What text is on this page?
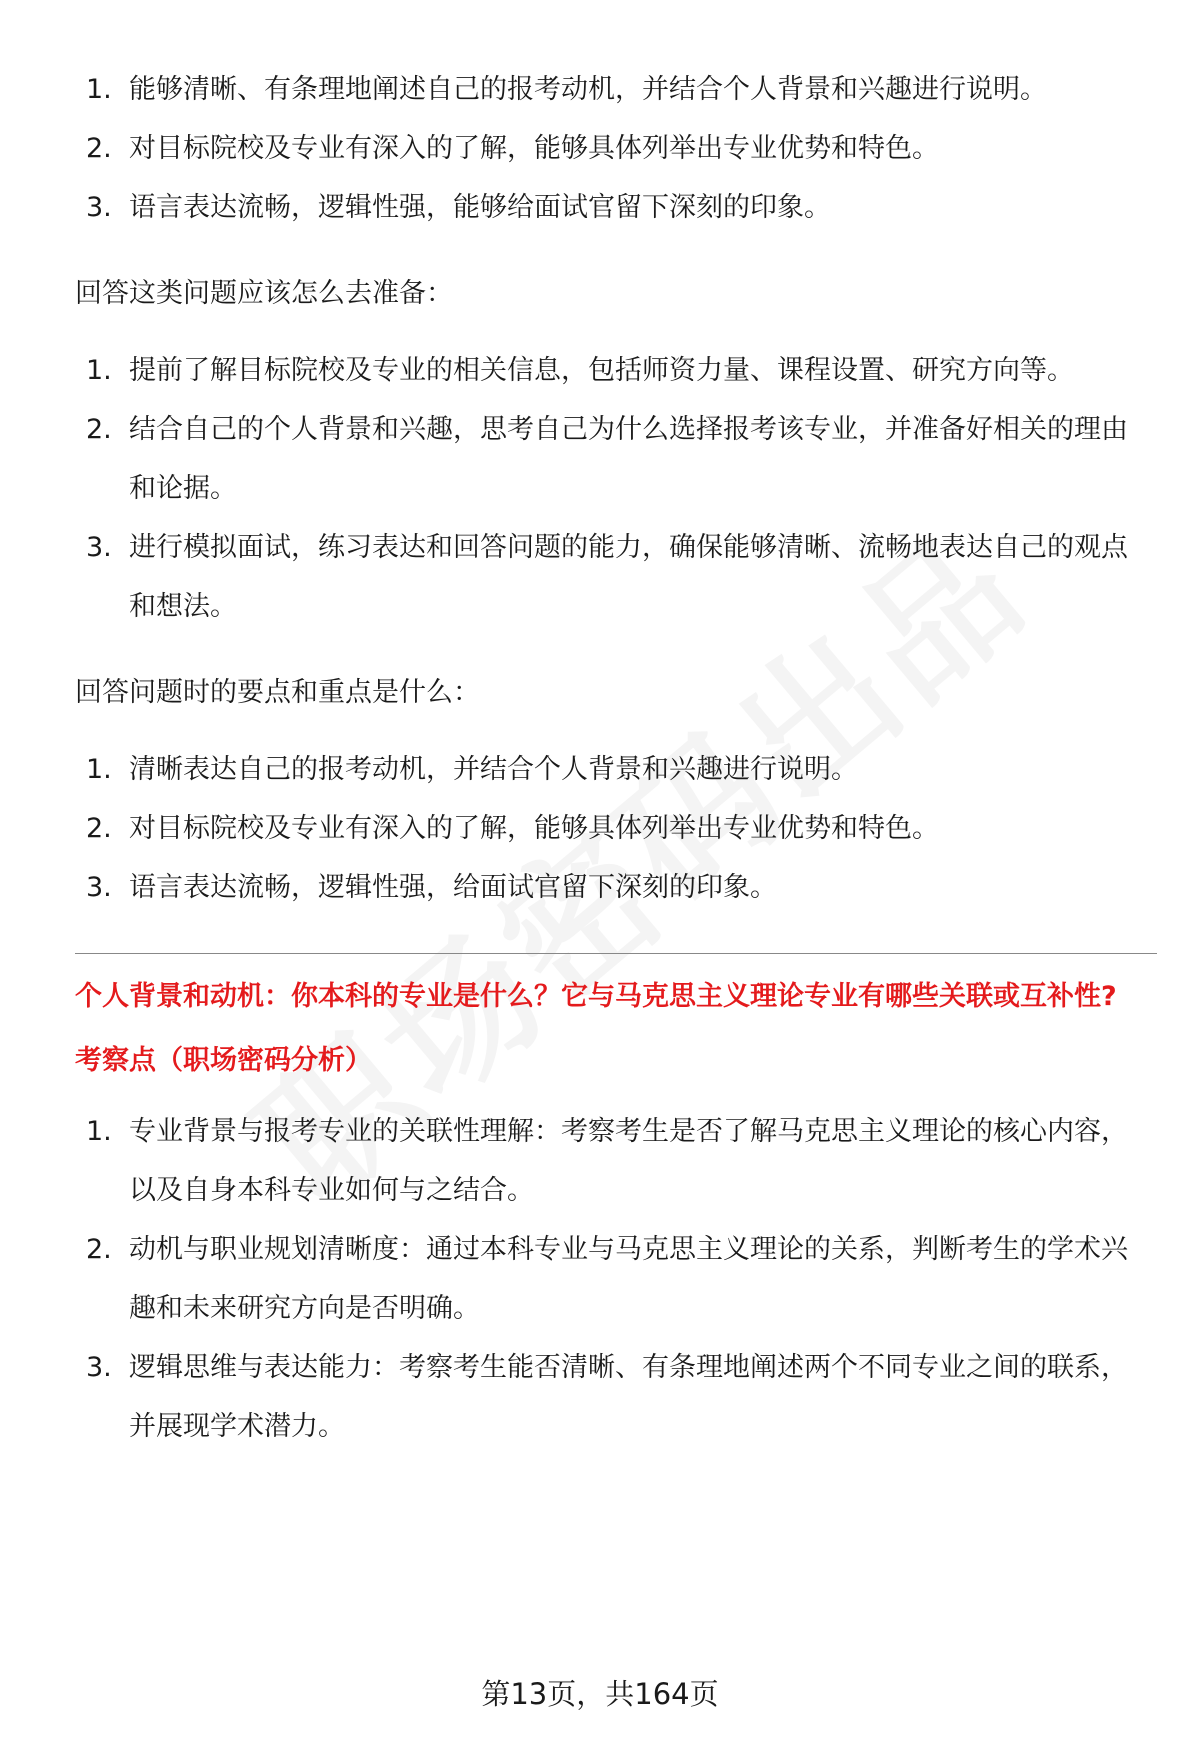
1. 能够清晰、有条理地阐述自己的报考动机，并结合个人背景和兴趣进行说明。
2. 对目标院校及专业有深入的了解，能够具体列举出专业优势和特色。
3. 语言表达流畅，逻辑性强，能够给面试官留下深刻的印象。

回答这类问题应该怎么去准备：

1. 提前了解目标院校及专业的相关信息，包括师资力量、课程设置、研究方向等。
2. 结合自己的个人背景和兴趣，思考自己为什么选择报考该专业，并准备好相关的理由和论据。
3. 进行模拟面试，练习表达和回答问题的能力，确保能够清晰、流畅地表达自己的观点和想法。

回答问题时的要点和重点是什么：

1. 清晰表达自己的报考动机，并结合个人背景和兴趣进行说明。
2. 对目标院校及专业有深入的了解，能够具体列举出专业优势和特色。
3. 语言表达流畅，逻辑性强，给面试官留下深刻的印象。

个人背景和动机：你本科的专业是什么？它与马克思主义理论专业有哪些关联或互补性?

考察点（职场密码分析）

1. 专业背景与报考专业的关联性理解：考察考生是否了解马克思主义理论的核心内容，以及自身本科专业如何与之结合。
2. 动机与职业规划清晰度：通过本科专业与马克思主义理论的关系，判断考生的学术兴趣和未来研究方向是否明确。
3. 逻辑思维与表达能力：考察考生能否清晰、有条理地阐述两个不同专业之间的联系，并展现学术潜力。
第13页，共164页
